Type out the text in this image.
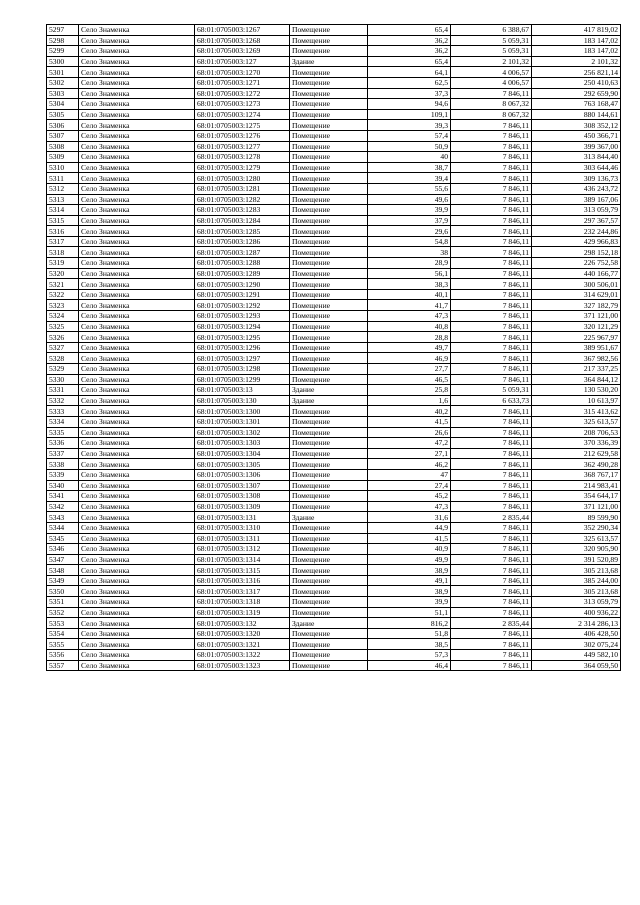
5297	Село Знаменка	68:01:0705003:1267	Помещение	65,4	6 388,67	417 819,02
5298	Село Знаменка	68:01:0705003:1268	Помещение	36,2	5 059,31	183 147,02
5299	Село Знаменка	68:01:0705003:1269	Помещение	36,2	5 059,31	183 147,02
5300	Село Знаменка	68:01:0705003:127	Здание	65,4	2 101,32	2 101,32
5301	Село Знаменка	68:01:0705003:1270	Помещение	64,1	4 006,57	256 821,14
5302	Село Знаменка	68:01:0705003:1271	Помещение	62,5	4 006,57	250 410,63
5303	Село Знаменка	68:01:0705003:1272	Помещение	37,3	7 846,11	292 659,90
5304	Село Знаменка	68:01:0705003:1273	Помещение	94,6	8 067,32	763 168,47
5305	Село Знаменка	68:01:0705003:1274	Помещение	109,1	8 067,32	880 144,61
5306	Село Знаменка	68:01:0705003:1275	Помещение	39,3	7 846,11	308 352,12
5307	Село Знаменка	68:01:0705003:1276	Помещение	57,4	7 846,11	450 366,71
5308	Село Знаменка	68:01:0705003:1277	Помещение	50,9	7 846,11	399 367,00
5309	Село Знаменка	68:01:0705003:1278	Помещение	40	7 846,11	313 844,40
5310	Село Знаменка	68:01:0705003:1279	Помещение	38,7	7 846,11	303 644,46
5311	Село Знаменка	68:01:0705003:1280	Помещение	39,4	7 846,11	309 136,73
5312	Село Знаменка	68:01:0705003:1281	Помещение	55,6	7 846,11	436 243,72
5313	Село Знаменка	68:01:0705003:1282	Помещение	49,6	7 846,11	389 167,06
5314	Село Знаменка	68:01:0705003:1283	Помещение	39,9	7 846,11	313 059,79
5315	Село Знаменка	68:01:0705003:1284	Помещение	37,9	7 846,11	297 367,57
5316	Село Знаменка	68:01:0705003:1285	Помещение	29,6	7 846,11	232 244,86
5317	Село Знаменка	68:01:0705003:1286	Помещение	54,8	7 846,11	429 966,83
5318	Село Знаменка	68:01:0705003:1287	Помещение	38	7 846,11	298 152,18
5319	Село Знаменка	68:01:0705003:1288	Помещение	28,9	7 846,11	226 752,58
5320	Село Знаменка	68:01:0705003:1289	Помещение	56,1	7 846,11	440 166,77
5321	Село Знаменка	68:01:0705003:1290	Помещение	38,3	7 846,11	300 506,01
5322	Село Знаменка	68:01:0705003:1291	Помещение	40,1	7 846,11	314 629,01
5323	Село Знаменка	68:01:0705003:1292	Помещение	41,7	7 846,11	327 182,79
5324	Село Знаменка	68:01:0705003:1293	Помещение	47,3	7 846,11	371 121,00
5325	Село Знаменка	68:01:0705003:1294	Помещение	40,8	7 846,11	320 121,29
5326	Село Знаменка	68:01:0705003:1295	Помещение	28,8	7 846,11	225 967,97
5327	Село Знаменка	68:01:0705003:1296	Помещение	49,7	7 846,11	389 951,67
5328	Село Знаменка	68:01:0705003:1297	Помещение	46,9	7 846,11	367 982,56
5329	Село Знаменка	68:01:0705003:1298	Помещение	27,7	7 846,11	217 337,25
5330	Село Знаменка	68:01:0705003:1299	Помещение	46,5	7 846,11	364 844,12
5331	Село Знаменка	68:01:0705003:13	Здание	25,8	5 059,31	130 530,20
5332	Село Знаменка	68:01:0705003:130	Здание	1,6	6 633,73	10 613,97
5333	Село Знаменка	68:01:0705003:1300	Помещение	40,2	7 846,11	315 413,62
5334	Село Знаменка	68:01:0705003:1301	Помещение	41,5	7 846,11	325 613,57
5335	Село Знаменка	68:01:0705003:1302	Помещение	26,6	7 846,11	208 706,53
5336	Село Знаменка	68:01:0705003:1303	Помещение	47,2	7 846,11	370 336,39
5337	Село Знаменка	68:01:0705003:1304	Помещение	27,1	7 846,11	212 629,58
5338	Село Знаменка	68:01:0705003:1305	Помещение	46,2	7 846,11	362 490,28
5339	Село Знаменка	68:01:0705003:1306	Помещение	47	7 846,11	368 767,17
5340	Село Знаменка	68:01:0705003:1307	Помещение	27,4	7 846,11	214 983,41
5341	Село Знаменка	68:01:0705003:1308	Помещение	45,2	7 846,11	354 644,17
5342	Село Знаменка	68:01:0705003:1309	Помещение	47,3	7 846,11	371 121,00
5343	Село Знаменка	68:01:0705003:131	Здание	31,6	2 835,44	89 599,90
5344	Село Знаменка	68:01:0705003:1310	Помещение	44,9	7 846,11	352 290,34
5345	Село Знаменка	68:01:0705003:1311	Помещение	41,5	7 846,11	325 613,57
5346	Село Знаменка	68:01:0705003:1312	Помещение	40,9	7 846,11	320 905,90
5347	Село Знаменка	68:01:0705003:1314	Помещение	49,9	7 846,11	391 520,89
5348	Село Знаменка	68:01:0705003:1315	Помещение	38,9	7 846,11	305 213,68
5349	Село Знаменка	68:01:0705003:1316	Помещение	49,1	7 846,11	385 244,00
5350	Село Знаменка	68:01:0705003:1317	Помещение	38,9	7 846,11	305 213,68
5351	Село Знаменка	68:01:0705003:1318	Помещение	39,9	7 846,11	313 059,79
5352	Село Знаменка	68:01:0705003:1319	Помещение	51,1	7 846,11	400 936,22
5353	Село Знаменка	68:01:0705003:132	Здание	816,2	2 835,44	2 314 286,13
5354	Село Знаменка	68:01:0705003:1320	Помещение	51,8	7 846,11	406 428,50
5355	Село Знаменка	68:01:0705003:1321	Помещение	38,5	7 846,11	302 075,24
5356	Село Знаменка	68:01:0705003:1322	Помещение	57,3	7 846,11	449 582,10
5357	Село Знаменка	68:01:0705003:1323	Помещение	46,4	7 846,11	364 059,50
